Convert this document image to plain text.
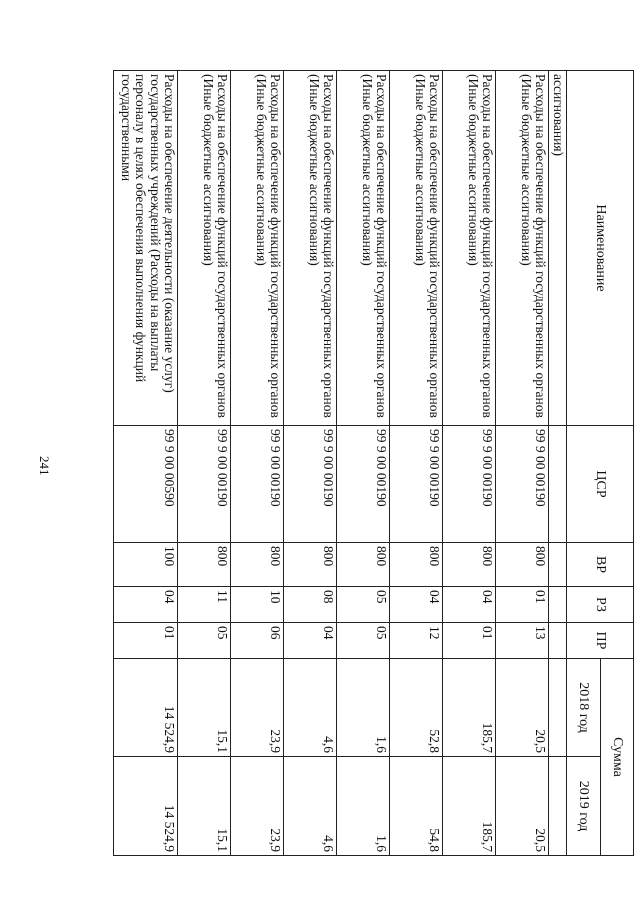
241
Наименование	ЦСР	ВР	РЗ	ПР	Сумма	
					2018 год	2019 год
ассигнования)						
Расходы на обеспечение функций государственных органов (Иные бюджетные ассигнования)	99 9 00 00190	800	01	13	20,5	20,5
Расходы на обеспечение функций государственных органов (Иные бюджетные ассигнования)	99 9 00 00190	800	04	01	185,7	185,7
Расходы на обеспечение функций государственных органов (Иные бюджетные ассигнования)	99 9 00 00190	800	04	12	52,8	54,8
Расходы на обеспечение функций государственных органов (Иные бюджетные ассигнования)	99 9 00 00190	800	05	05	1,6	1,6
Расходы на обеспечение функций государственных органов (Иные бюджетные ассигнования)	99 9 00 00190	800	08	04	4,6	4,6
Расходы на обеспечение функций государственных органов (Иные бюджетные ассигнования)	99 9 00 00190	800	10	06	23,9	23,9
Расходы на обеспечение функций государственных органов (Иные бюджетные ассигнования)	99 9 00 00190	800	11	05	15,1	15,1
Расходы на обеспечение деятельности (оказание услуг) государственных учреждений (Расходы на выплаты персоналу в целях обеспечения выполнения функций государственными	99 9 00 00590	100	04	01	14 524,9	14 524,9
